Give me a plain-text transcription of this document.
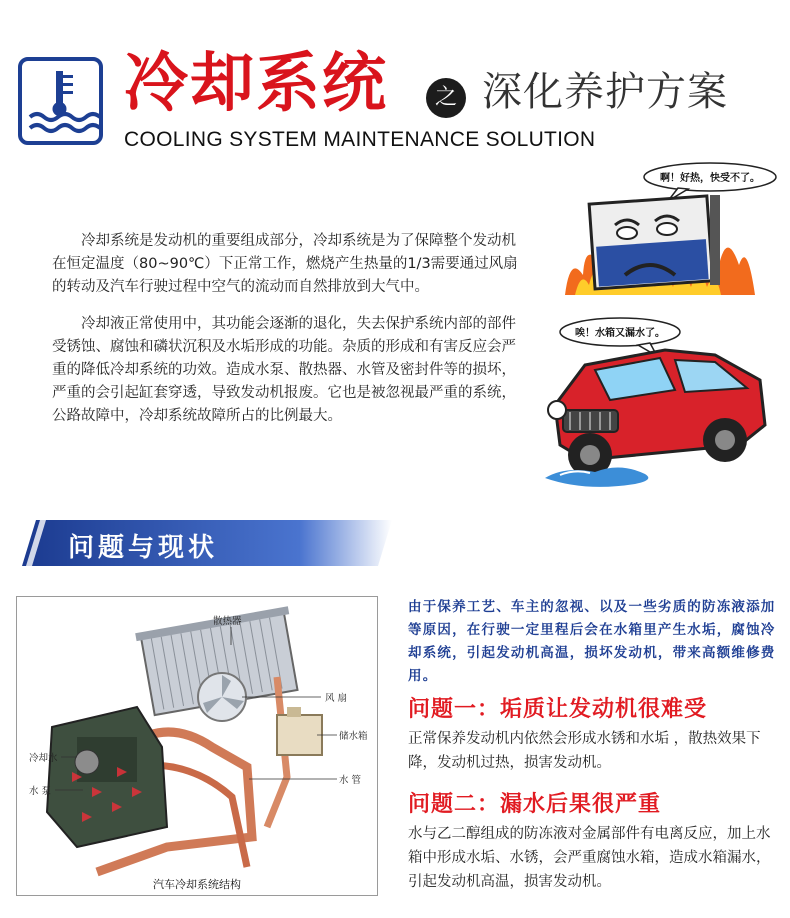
冷却系统	之 深化养护方案
COOLING SYSTEM MAINTENANCE SOLUTION

冷却系统是发动机的重要组成部分，冷却系统是为了保障整个发动机在恒定温度（80~90℃）下正常工作，燃烧产生热量的1/3需要通过风扇的转动及汽车行驶过程中空气的流动而自然排放到大气中。

冷却液正常使用中，其功能会逐渐的退化，失去保护系统内部的部件受锈蚀、腐蚀和磷状沉积及水垢形成的功能。杂质的形成和有害反应会严重的降低冷却系统的功效。造成水泵、散热器、水管及密封件等的损坏，严重的会引起缸套穿透，导致发动机报废。它也是被忽视最严重的系统，公路故障中，冷却系统故障所占的比例最大。

啊！好热，快受不了。
唉！水箱又漏水了。
问题与现状
散热器
风 扇
储水箱
水 管
冷却水
水 泵
汽车冷却系统结构
由于保养工艺、车主的忽视、以及一些劣质的防冻液添加等原因，在行驶一定里程后会在水箱里产生水垢，腐蚀冷却系统，引起发动机高温，损坏发动机，带来高额维修费用。
问题一：垢质让发动机很难受
正常保养发动机内依然会形成水锈和水垢 ，散热效果下降，发动机过热，损害发动机。
问题二：漏水后果很严重
水与乙二醇组成的防冻液对金属部件有电离反应，加上水箱中形成水垢、水锈，会严重腐蚀水箱，造成水箱漏水，引起发动机高温，损害发动机。
